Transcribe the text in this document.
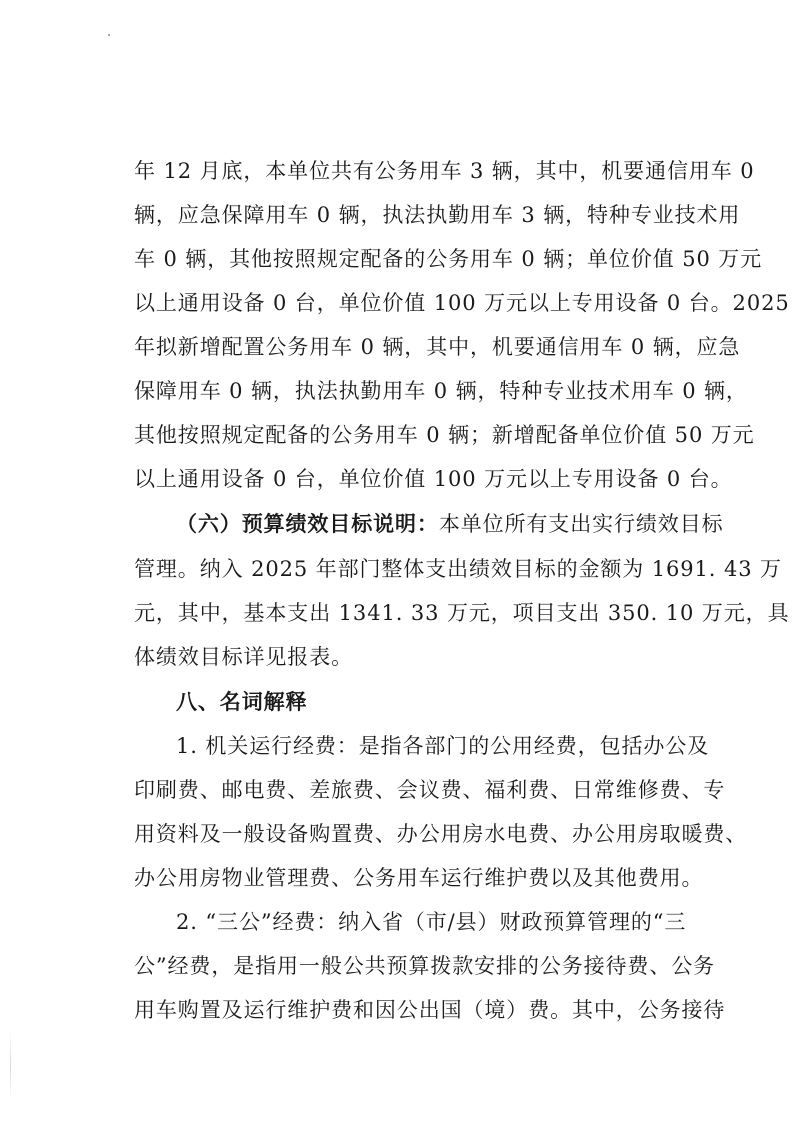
年 12 月底，本单位共有公务用车 3 辆，其中，机要通信用车 0
辆，应急保障用车 0 辆，执法执勤用车 3 辆，特种专业技术用
车 0 辆，其他按照规定配备的公务用车 0 辆；单位价值 50 万元
以上通用设备 0 台，单位价值 100 万元以上专用设备 0 台。2025
年拟新增配置公务用车 0 辆，其中，机要通信用车 0 辆，应急
保障用车 0 辆，执法执勤用车 0 辆，特种专业技术用车 0 辆，
其他按照规定配备的公务用车 0 辆；新增配备单位价值 50 万元
以上通用设备 0 台，单位价值 100 万元以上专用设备 0 台。
（六）预算绩效目标说明：本单位所有支出实行绩效目标
管理。纳入 2025 年部门整体支出绩效目标的金额为 1691. 43 万
元，其中，基本支出 1341. 33 万元，项目支出 350. 10 万元，具
体绩效目标详见报表。
八、名词解释
1. 机关运行经费：是指各部门的公用经费，包括办公及
印刷费、邮电费、差旅费、会议费、福利费、日常维修费、专
用资料及一般设备购置费、办公用房水电费、办公用房取暖费、
办公用房物业管理费、公务用车运行维护费以及其他费用。
2. “三公”经费：纳入省（市/县）财政预算管理的“三
公”经费，是指用一般公共预算拨款安排的公务接待费、公务
用车购置及运行维护费和因公出国（境）费。其中，公务接待
